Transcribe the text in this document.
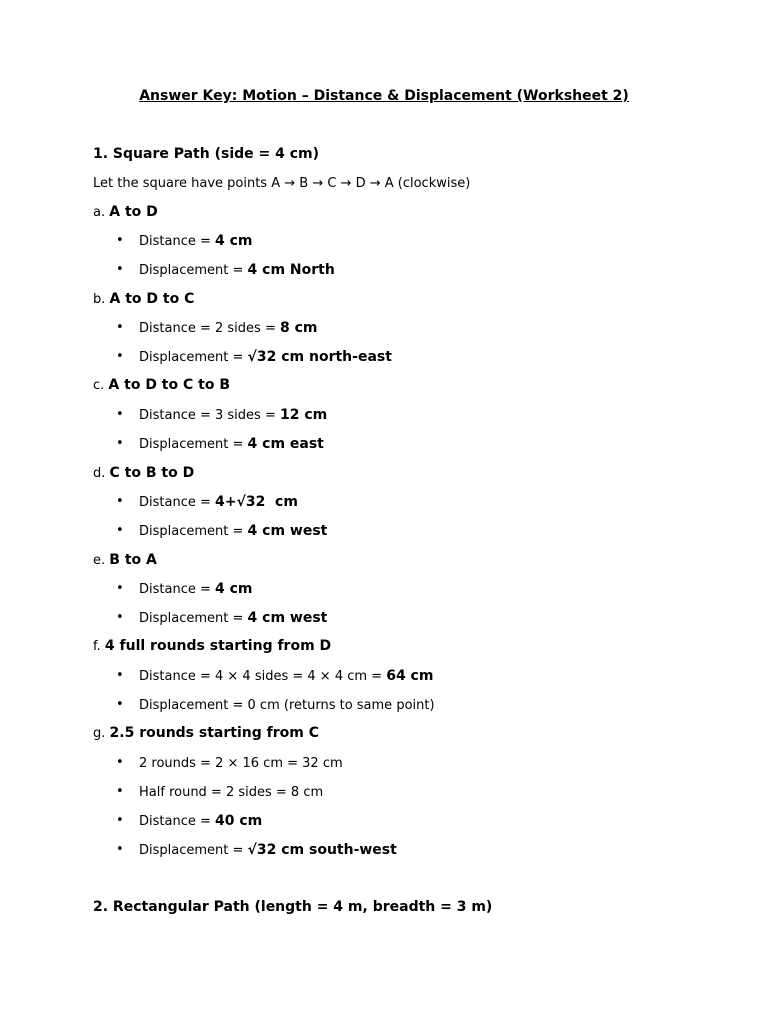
Answer Key: Motion – Distance & Displacement (Worksheet 2)
1. Square Path (side = 4 cm)
Let the square have points A → B → C → D → A (clockwise)
a. A to D
• Distance = 4 cm
• Displacement = 4 cm North
b. A to D to C
• Distance = 2 sides = 8 cm
• Displacement = √32 cm north-east
c. A to D to C to B
• Distance = 3 sides = 12 cm
• Displacement = 4 cm east
d. C to B to D
• Distance = 4+√32  cm
• Displacement = 4 cm west
e. B to A
• Distance = 4 cm
• Displacement = 4 cm west
f. 4 full rounds starting from D
• Distance = 4 × 4 sides = 4 × 4 cm = 64 cm
• Displacement = 0 cm (returns to same point)
g. 2.5 rounds starting from C
• 2 rounds = 2 × 16 cm = 32 cm
• Half round = 2 sides = 8 cm
• Distance = 40 cm
• Displacement = √32 cm south-west
2. Rectangular Path (length = 4 m, breadth = 3 m)
